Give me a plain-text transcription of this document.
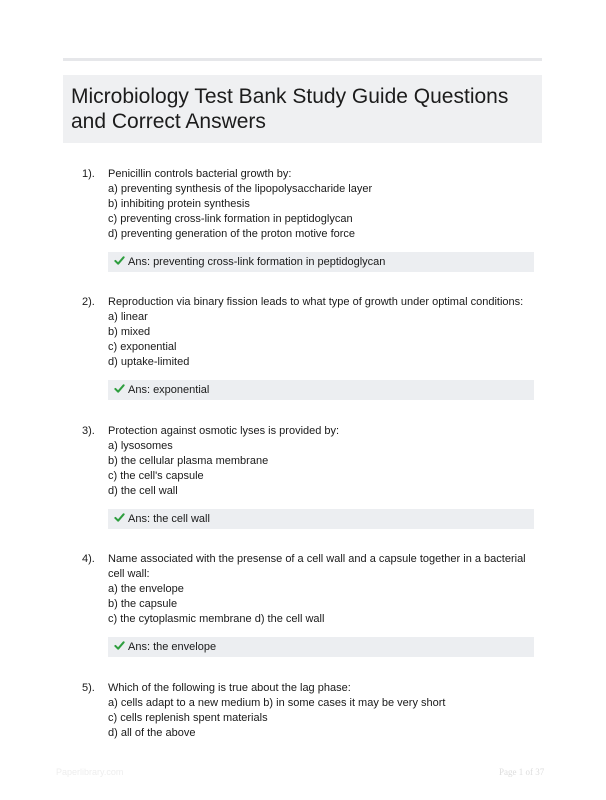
Microbiology Test Bank Study Guide Questions and Correct Answers
1). Penicillin controls bacterial growth by:
a) preventing synthesis of the lipopolysaccharide layer
b) inhibiting protein synthesis
c) preventing cross-link formation in peptidoglycan
d) preventing generation of the proton motive force
Ans: preventing cross-link formation in peptidoglycan
2). Reproduction via binary fission leads to what type of growth under optimal conditions:
a) linear
b) mixed
c) exponential
d) uptake-limited
Ans: exponential
3). Protection against osmotic lyses is provided by:
a) lysosomes
b) the cellular plasma membrane
c) the cell's capsule
d) the cell wall
Ans: the cell wall
4). Name associated with the presense of a cell wall and a capsule together in a bacterial cell wall:
a) the envelope
b) the capsule
c) the cytoplasmic membrane d) the cell wall
Ans: the envelope
5). Which of the following is true about the lag phase:
a) cells adapt to a new medium b) in some cases it may be very short
c) cells replenish spent materials
d) all of the above
Paperlibrary.com	Page 1 of 37
